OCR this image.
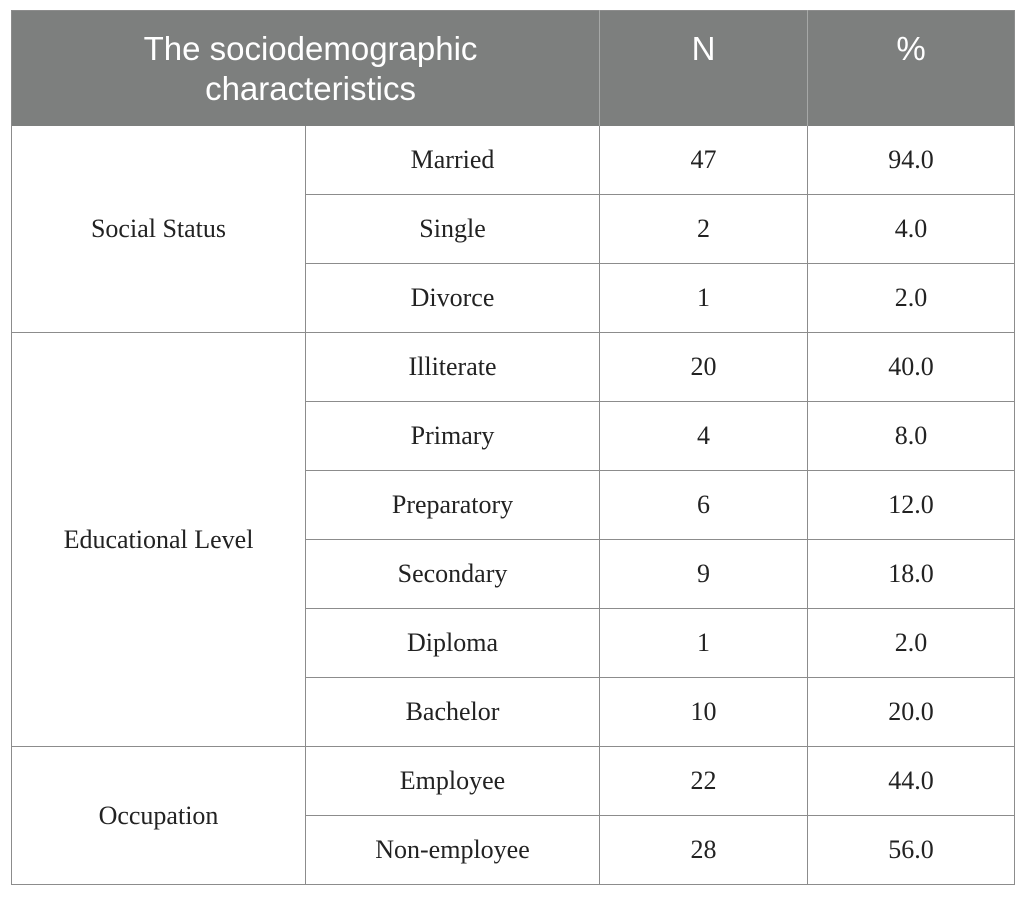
The sociodemographic characteristics		N	%

Social Status	Married	47	94.0
	Single	2	4.0
	Divorce	1	2.0
Educational Level	Illiterate	20	40.0
	Primary	4	8.0
	Preparatory	6	12.0
	Secondary	9	18.0
	Diploma	1	2.0
	Bachelor	10	20.0
Occupation	Employee	22	44.0
	Non-employee	28	56.0
